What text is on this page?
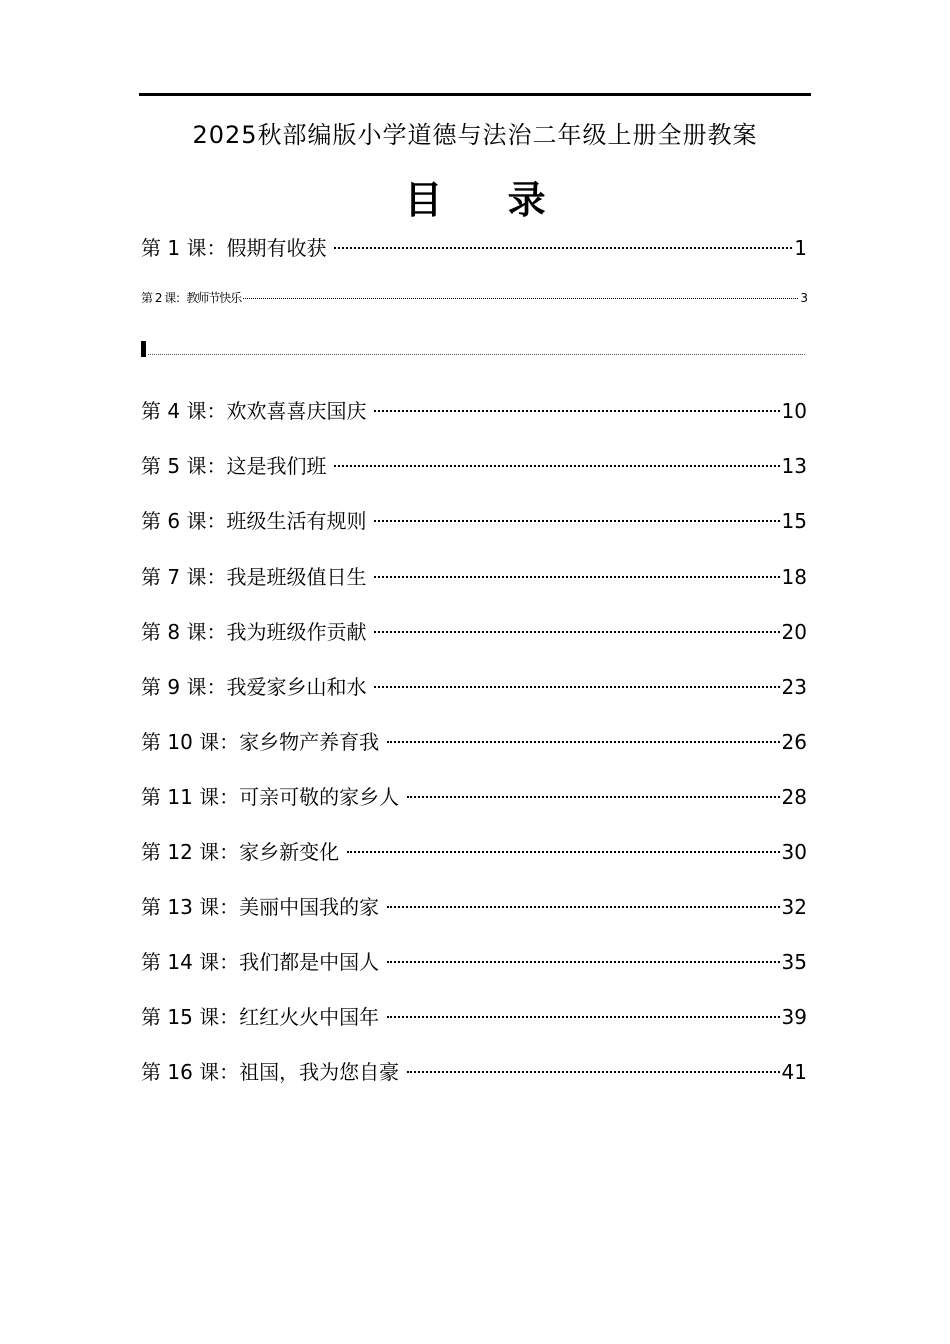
2025秋部编版小学道德与法治二年级上册全册教案
目 录
第 1 课：假期有收获	1
第 2 课：教师节快乐	3
第 4 课：欢欢喜喜庆国庆	10
第 5 课：这是我们班	13
第 6 课：班级生活有规则	15
第 7 课：我是班级值日生	18
第 8 课：我为班级作贡献	20
第 9 课：我爱家乡山和水	23
第 10 课：家乡物产养育我	26
第 11 课：可亲可敬的家乡人	28
第 12 课：家乡新变化	30
第 13 课：美丽中国我的家	32
第 14 课：我们都是中国人	35
第 15 课：红红火火中国年	39
第 16 课：祖国，我为您自豪	41
